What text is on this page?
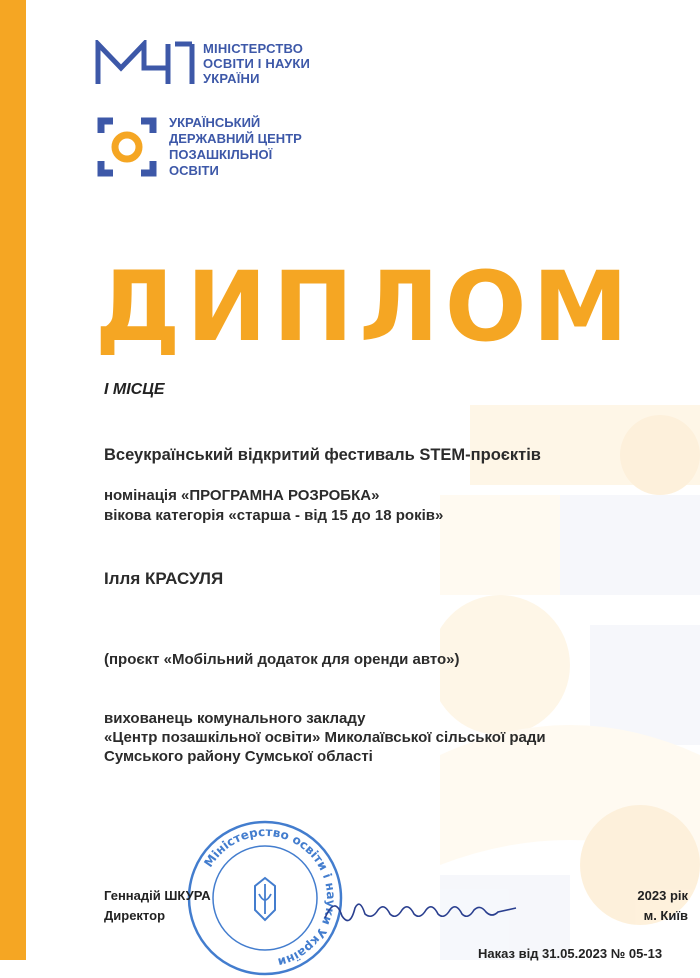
МІНІСТЕРСТВО
ОСВІТИ І НАУКИ
УКРАЇНИ
УКРАЇНСЬКИЙ
ДЕРЖАВНИЙ ЦЕНТР
ПОЗАШКІЛЬНОЇ
ОСВІТИ
ДИПЛОМ
І МІСЦЕ
Всеукраїнський відкритий фестиваль STEM-проєктів
номінація «ПРОГРАМНА РОЗРОБКА»
вікова категорія «старша - від 15 до 18 років»
Ілля КРАСУЛЯ
(проєкт «Мобільний додаток для оренди авто»)
вихованець комунального закладу
«Центр позашкільної освіти» Миколаївської сільської ради
Сумського району Сумської області
Міністерство освіти і науки України
Геннадій ШКУРА
Директор
2023 рік
м. Київ
Наказ від 31.05.2023 № 05-13
